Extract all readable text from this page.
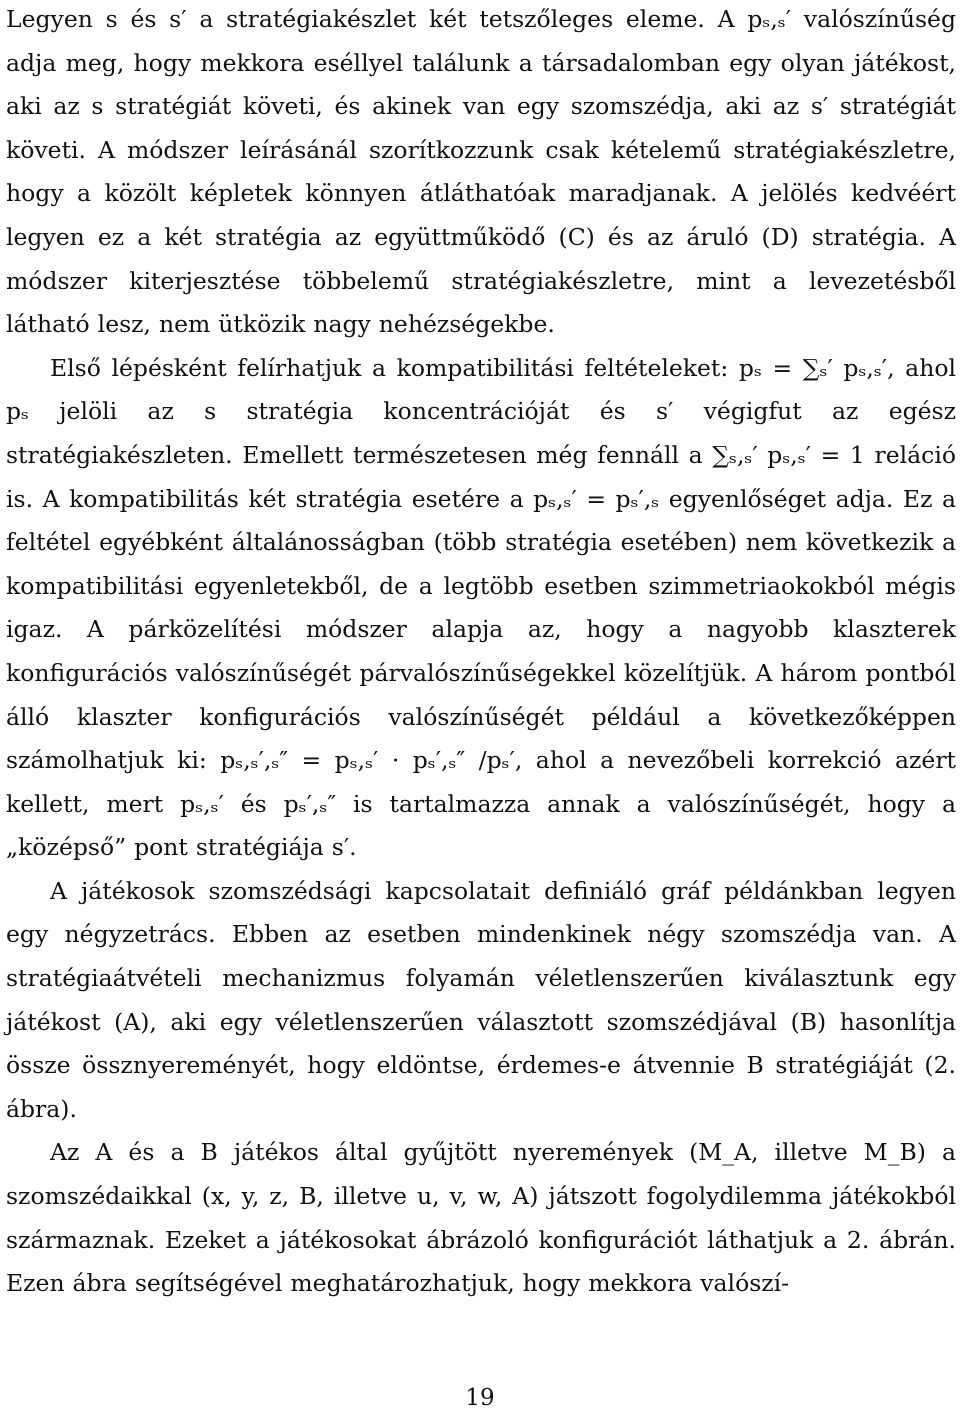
Legyen s és s′ a stratégiakészlet két tetszőleges eleme. A pₛ,ₛ′ valószínűség adja meg, hogy mekkora eséllyel találunk a társadalomban egy olyan játékost, aki az s stratégiát követi, és akinek van egy szomszédja, aki az s′ stratégiát követi. A módszer leírásánál szorítkozzunk csak kételemű stratégiakészletre, hogy a közölt képletek könnyen átláthatóak maradjanak. A jelölés kedvéért legyen ez a két stratégia az együttműködő (C) és az áruló (D) stratégia. A módszer kiterjesztése többelemű stratégiakészletre, mint a levezetésből látható lesz, nem ütközik nagy nehézségekbe.

Első lépésként felírhatjuk a kompatibilitási feltételeket: pₛ = ∑ₛ′ pₛ,ₛ′, ahol pₛ jelöli az s stratégia koncentrációját és s′ végigfut az egész stratégiakészleten. Emellett természetesen még fennáll a ∑ₛ,ₛ′ pₛ,ₛ′ = 1 reláció is. A kompatibilitás két stratégia esetére a pₛ,ₛ′ = pₛ′,ₛ egyenlőséget adja. Ez a feltétel egyébként általánosságban (több stratégia esetében) nem következik a kompatibilitási egyenletekből, de a legtöbb esetben szimmetriaokokból mégis igaz. A párközelítési módszer alapja az, hogy a nagyobb klaszterek konfigurációs valószínűségét párvalószínűségekkel közelítjük. A három pontból álló klaszter konfigurációs valószínűségét például a következőképpen számolhatjuk ki: pₛ,ₛ′,ₛ″ = pₛ,ₛ′ · pₛ′,ₛ″ /pₛ′, ahol a nevezőbeli korrekció azért kellett, mert pₛ,ₛ′ és pₛ′,ₛ″ is tartalmazza annak a valószínűségét, hogy a „középső” pont stratégiája s′.

A játékosok szomszédsági kapcsolatait definiáló gráf példánkban legyen egy négyzetrács. Ebben az esetben mindenkinek négy szomszédja van. A stratégiaátvételi mechanizmus folyamán véletlenszerűen kiválasztunk egy játékost (A), aki egy véletlenszerűen választott szomszédjával (B) hasonlítja össze össznyereményét, hogy eldöntse, érdemes-e átvennie B stratégiáját (2. ábra).

Az A és a B játékos által gyűjtött nyeremények (M_A, illetve M_B) a szomszédaikkal (x, y, z, B, illetve u, v, w, A) játszott fogolydilemma játékokból származnak. Ezeket a játékosokat ábrázoló konfigurációt láthatjuk a 2. ábrán. Ezen ábra segítségével meghatározhatjuk, hogy mekkora valószí-

19
